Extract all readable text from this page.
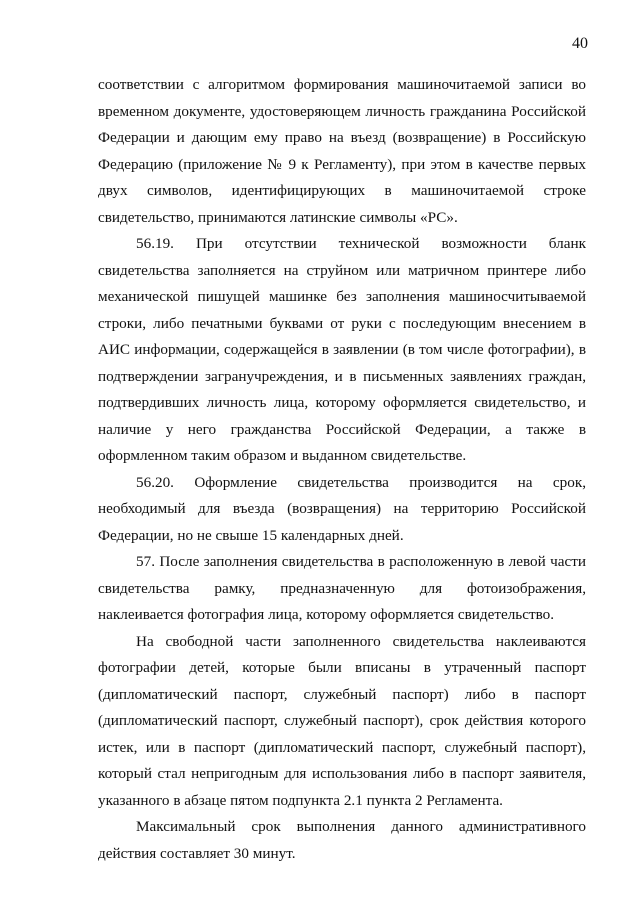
40

соответствии с алгоритмом формирования машиночитаемой записи во временном документе, удостоверяющем личность гражданина Российской Федерации и дающим ему право на въезд (возвращение) в Российскую Федерацию (приложение № 9 к Регламенту), при этом в качестве первых двух символов, идентифицирующих в машиночитаемой строке свидетельство, принимаются латинские символы «РС».

56.19. При отсутствии технической возможности бланк свидетельства заполняется на струйном или матричном принтере либо механической пишущей машинке без заполнения машиносчитываемой строки, либо печатными буквами от руки с последующим внесением в АИС информации, содержащейся в заявлении (в том числе фотографии), в подтверждении загранучреждения, и в письменных заявлениях граждан, подтвердивших личность лица, которому оформляется свидетельство, и наличие у него гражданства Российской Федерации, а также в оформленном таким образом и выданном свидетельстве.

56.20. Оформление свидетельства производится на срок, необходимый для въезда (возвращения) на территорию Российской Федерации, но не свыше 15 календарных дней.

57. После заполнения свидетельства в расположенную в левой части свидетельства рамку, предназначенную для фотоизображения, наклеивается фотография лица, которому оформляется свидетельство.

На свободной части заполненного свидетельства наклеиваются фотографии детей, которые были вписаны в утраченный паспорт (дипломатический паспорт, служебный паспорт) либо в паспорт (дипломатический паспорт, служебный паспорт), срок действия которого истек, или в паспорт (дипломатический паспорт, служебный паспорт), который стал непригодным для использования либо в паспорт заявителя, указанного в абзаце пятом подпункта 2.1 пункта 2 Регламента.

Максимальный срок выполнения данного административного действия составляет 30 минут.
